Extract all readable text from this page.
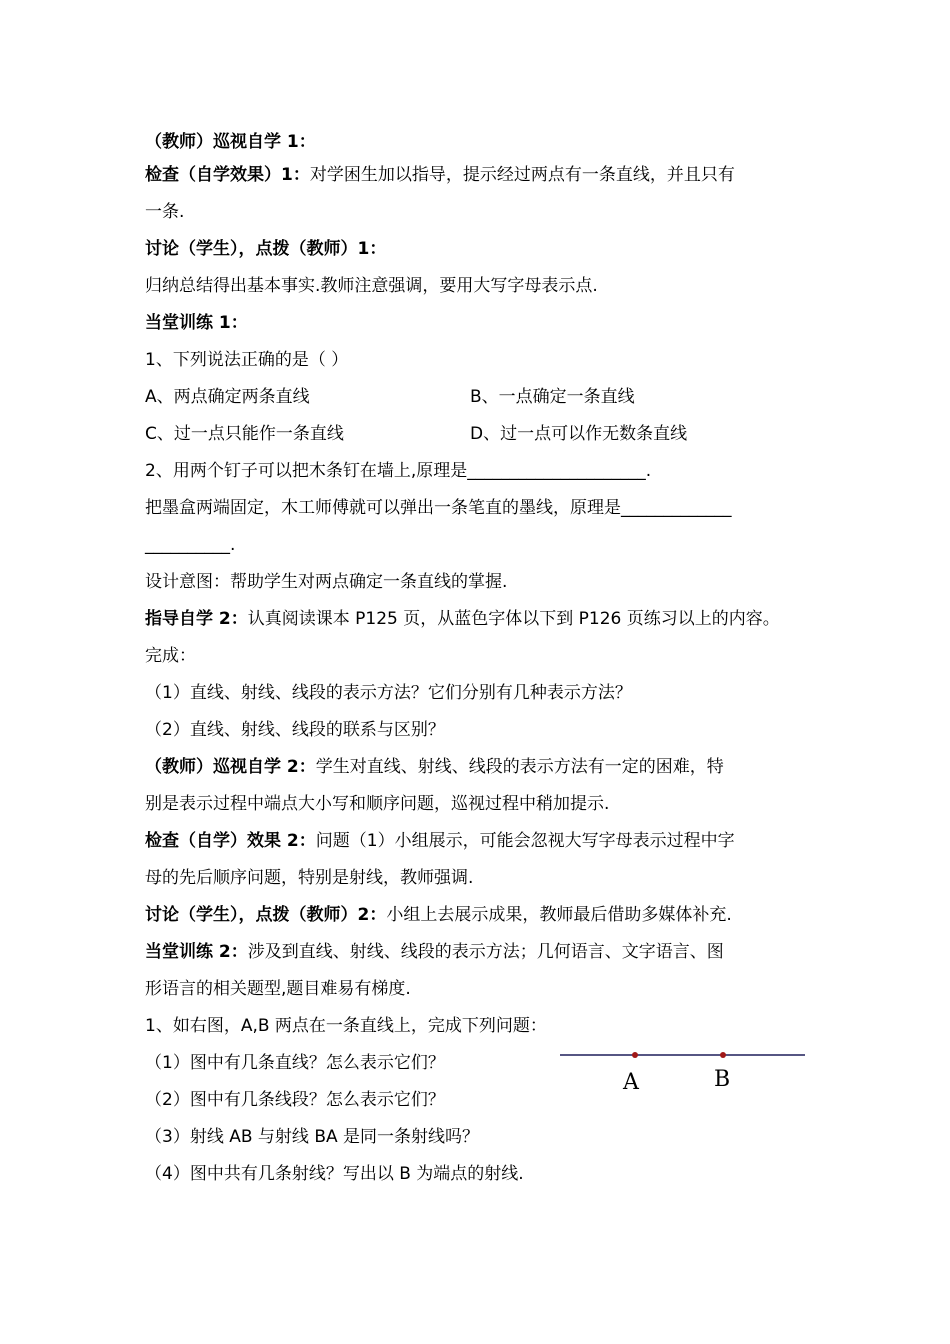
（教师）巡视自学 1：
检查（自学效果）1：对学困生加以指导，提示经过两点有一条直线，并且只有
一条.
讨论（学生），点拨（教师）1：
归纳总结得出基本事实.教师注意强调，要用大写字母表示点.
当堂训练 1：
1、下列说法正确的是（ ）
A、两点确定两条直线	B、一点确定一条直线
C、过一点只能作一条直线	D、过一点可以作无数条直线
2、用两个钉子可以把木条钉在墙上,原理是_____________________.
把墨盒两端固定，木工师傅就可以弹出一条笔直的墨线，原理是_____________
__________.
设计意图：帮助学生对两点确定一条直线的掌握.
指导自学 2：认真阅读课本 P125 页，从蓝色字体以下到 P126 页练习以上的内容。
完成：
（1）直线、射线、线段的表示方法？它们分别有几种表示方法？
（2）直线、射线、线段的联系与区别？
（教师）巡视自学 2：学生对直线、射线、线段的表示方法有一定的困难，特
别是表示过程中端点大小写和顺序问题，巡视过程中稍加提示.
检查（自学）效果 2：问题（1）小组展示，可能会忽视大写字母表示过程中字
母的先后顺序问题，特别是射线，教师强调.
讨论（学生），点拨（教师）2：小组上去展示成果，教师最后借助多媒体补充.
当堂训练 2：涉及到直线、射线、线段的表示方法；几何语言、文字语言、图
形语言的相关题型,题目难易有梯度.
1、如右图，A,B 两点在一条直线上，完成下列问题：
（1）图中有几条直线？怎么表示它们？
（2）图中有几条线段？怎么表示它们？
（3）射线 AB 与射线 BA 是同一条射线吗？
（4）图中共有几条射线？写出以 B 为端点的射线.
A	B
